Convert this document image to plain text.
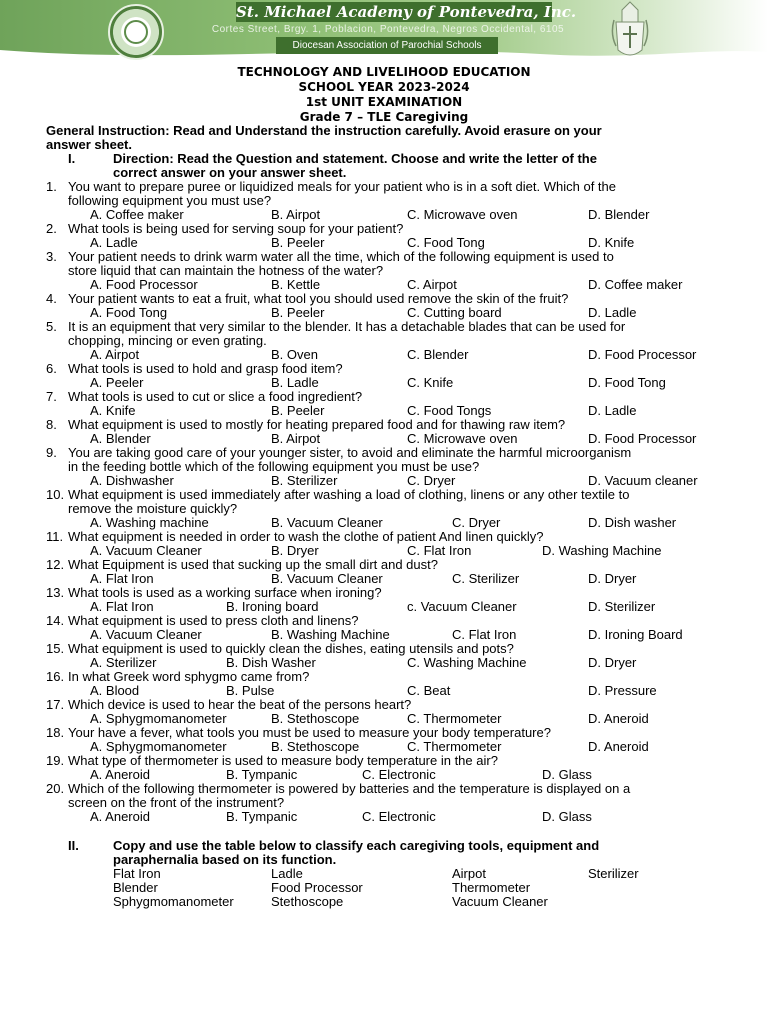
St. Michael Academy of Pontevedra, Inc.
Cortes Street, Brgy. 1, Poblacion, Pontevedra, Negros Occidental, 6105
Diocesan Association of Parochial Schools
TECHNOLOGY AND LIVELIHOOD EDUCATION
SCHOOL YEAR 2023-2024
1st UNIT EXAMINATION
Grade 7 – TLE Caregiving
General Instruction: Read and Understand the instruction carefully. Avoid erasure on your
answer sheet.
I.	Direction: Read the Question and statement. Choose and write the letter of the
correct answer on your answer sheet.
1. You want to prepare puree or liquidized meals for your patient who is in a soft diet. Which of the
following equipment you must use?
A. Coffee maker	B. Airpot	C. Microwave oven	D. Blender
2. What tools is being used for serving soup for your patient?
A. Ladle	B. Peeler	C. Food Tong	D. Knife
3. Your patient needs to drink warm water all the time, which of the following equipment is used to
store liquid that can maintain the hotness of the water?
A. Food Processor	B. Kettle	C. Airpot	D. Coffee maker
4. Your patient wants to eat a fruit, what tool you should used remove the skin of the fruit?
A. Food Tong	B. Peeler	C. Cutting board	D. Ladle
5. It is an equipment that very similar to the blender. It has a detachable blades that can be used for
chopping, mincing or even grating.
A. Airpot	B. Oven	C. Blender	D. Food Processor
6. What tools is used to hold and grasp food item?
A. Peeler	B. Ladle	C. Knife	D. Food Tong
7. What tools is used to cut or slice a food ingredient?
A. Knife	B. Peeler	C. Food Tongs	D. Ladle
8. What equipment is used to mostly for heating prepared food and for thawing raw item?
A. Blender	B. Airpot	C. Microwave oven	D. Food Processor
9. You are taking good care of your younger sister, to avoid and eliminate the harmful microorganism
in the feeding bottle which of the following equipment you must be use?
A. Dishwasher	B. Sterilizer	C. Dryer	D. Vacuum cleaner
10. What equipment is used immediately after washing a load of clothing, linens or any other textile to
remove the moisture quickly?
A. Washing machine	B. Vacuum Cleaner	C. Dryer	D. Dish washer
11. What equipment is needed in order to wash the clothe of patient And linen quickly?
A. Vacuum Cleaner	B. Dryer	C. Flat Iron	D. Washing Machine
12. What Equipment is used that sucking up the small dirt and dust?
A. Flat Iron	B. Vacuum Cleaner	C. Sterilizer	D. Dryer
13. What tools is used as a working surface when ironing?
A. Flat Iron	B. Ironing board	c. Vacuum Cleaner	D. Sterilizer
14. What equipment is used to press cloth and linens?
A. Vacuum Cleaner	B. Washing Machine	C. Flat Iron	D. Ironing Board
15. What equipment is used to quickly clean the dishes, eating utensils and pots?
A. Sterilizer	B. Dish Washer	C. Washing Machine	D. Dryer
16. In what Greek word sphygmo came from?
A. Blood	B. Pulse	C. Beat	D. Pressure
17. Which device is used to hear the beat of the persons heart?
A. Sphygmomanometer	B. Stethoscope	C. Thermometer	D. Aneroid
18. Your have a fever, what tools you must be used to measure your body temperature?
A. Sphygmomanometer	B. Stethoscope	C. Thermometer	D. Aneroid
19. What type of thermometer is used to measure body temperature in the air?
A. Aneroid	B. Tympanic	C. Electronic	D. Glass
20. Which of the following thermometer is powered by batteries and the temperature is displayed on a
screen on the front of the instrument?
A. Aneroid	B. Tympanic	C. Electronic	D. Glass
II.	Copy and use the table below to classify each caregiving tools, equipment and
paraphernalia based on its function.
Flat Iron	Ladle	Airpot	Sterilizer
Blender	Food Processor	Thermometer
Sphygmomanometer	Stethoscope	Vacuum Cleaner
